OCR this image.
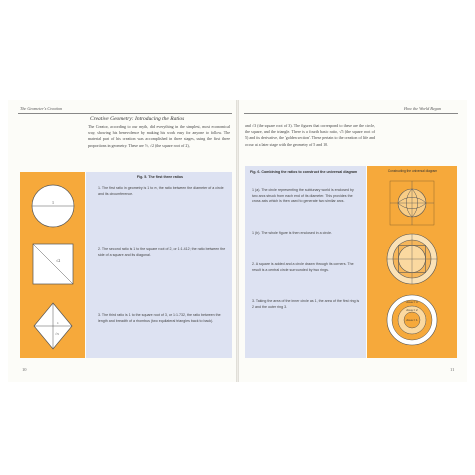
The Geometer's Creation	How the World Began
Creative Geometry: Introducing the Ratios

The Creator, according to our myth, did everything in the simplest, most economical way, showing his benevolence by making his work easy for anyone to follow. The material part of his creation was accomplished in three stages, using the first three proportions in geometry. These are ½, √2 (the square root of 2),

Fig. 5. The first three ratios

1. The first ratio in geometry is 1 to π, the ratio between the diameter of a circle and its circumference.

2. The second ratio is 1 to the square root of 2, or 1:1.412; the ratio between the side of a square and its diagonal.

3. The third ratio is 1 to the square root of 3, or 1:1.732, the ratio between the length and breadth of a rhombus (two equilateral triangles back to back).

1
√2
1
√3
10

and √3 (the square root of 3). The figures that correspond to these are the circle, the square, and the triangle. There is a fourth basic ratio, √5 (the square root of 5) and its derivative, the 'golden section'. These pertain to the creation of life and occur at a later stage with the geometry of 5 and 10.

Fig. 6. Combining the ratios to construct the universal diagram	Constructing the universal diagram

1 (a). The circle representing the sublunary world is enclosed by two arcs struck from each end of its diameter. This provides the cross axis which is then used to generate two similar arcs.

1 (b). The whole figure is then enclosed in a circle.

2. A square is added and a circle drawn through its corners. The result is a central circle surrounded by two rings.

3. Taking the area of the inner circle as 1, the area of the first ring is 2 and the outer ring 3.

Area = 3
Area = 2
Area = 1
11
